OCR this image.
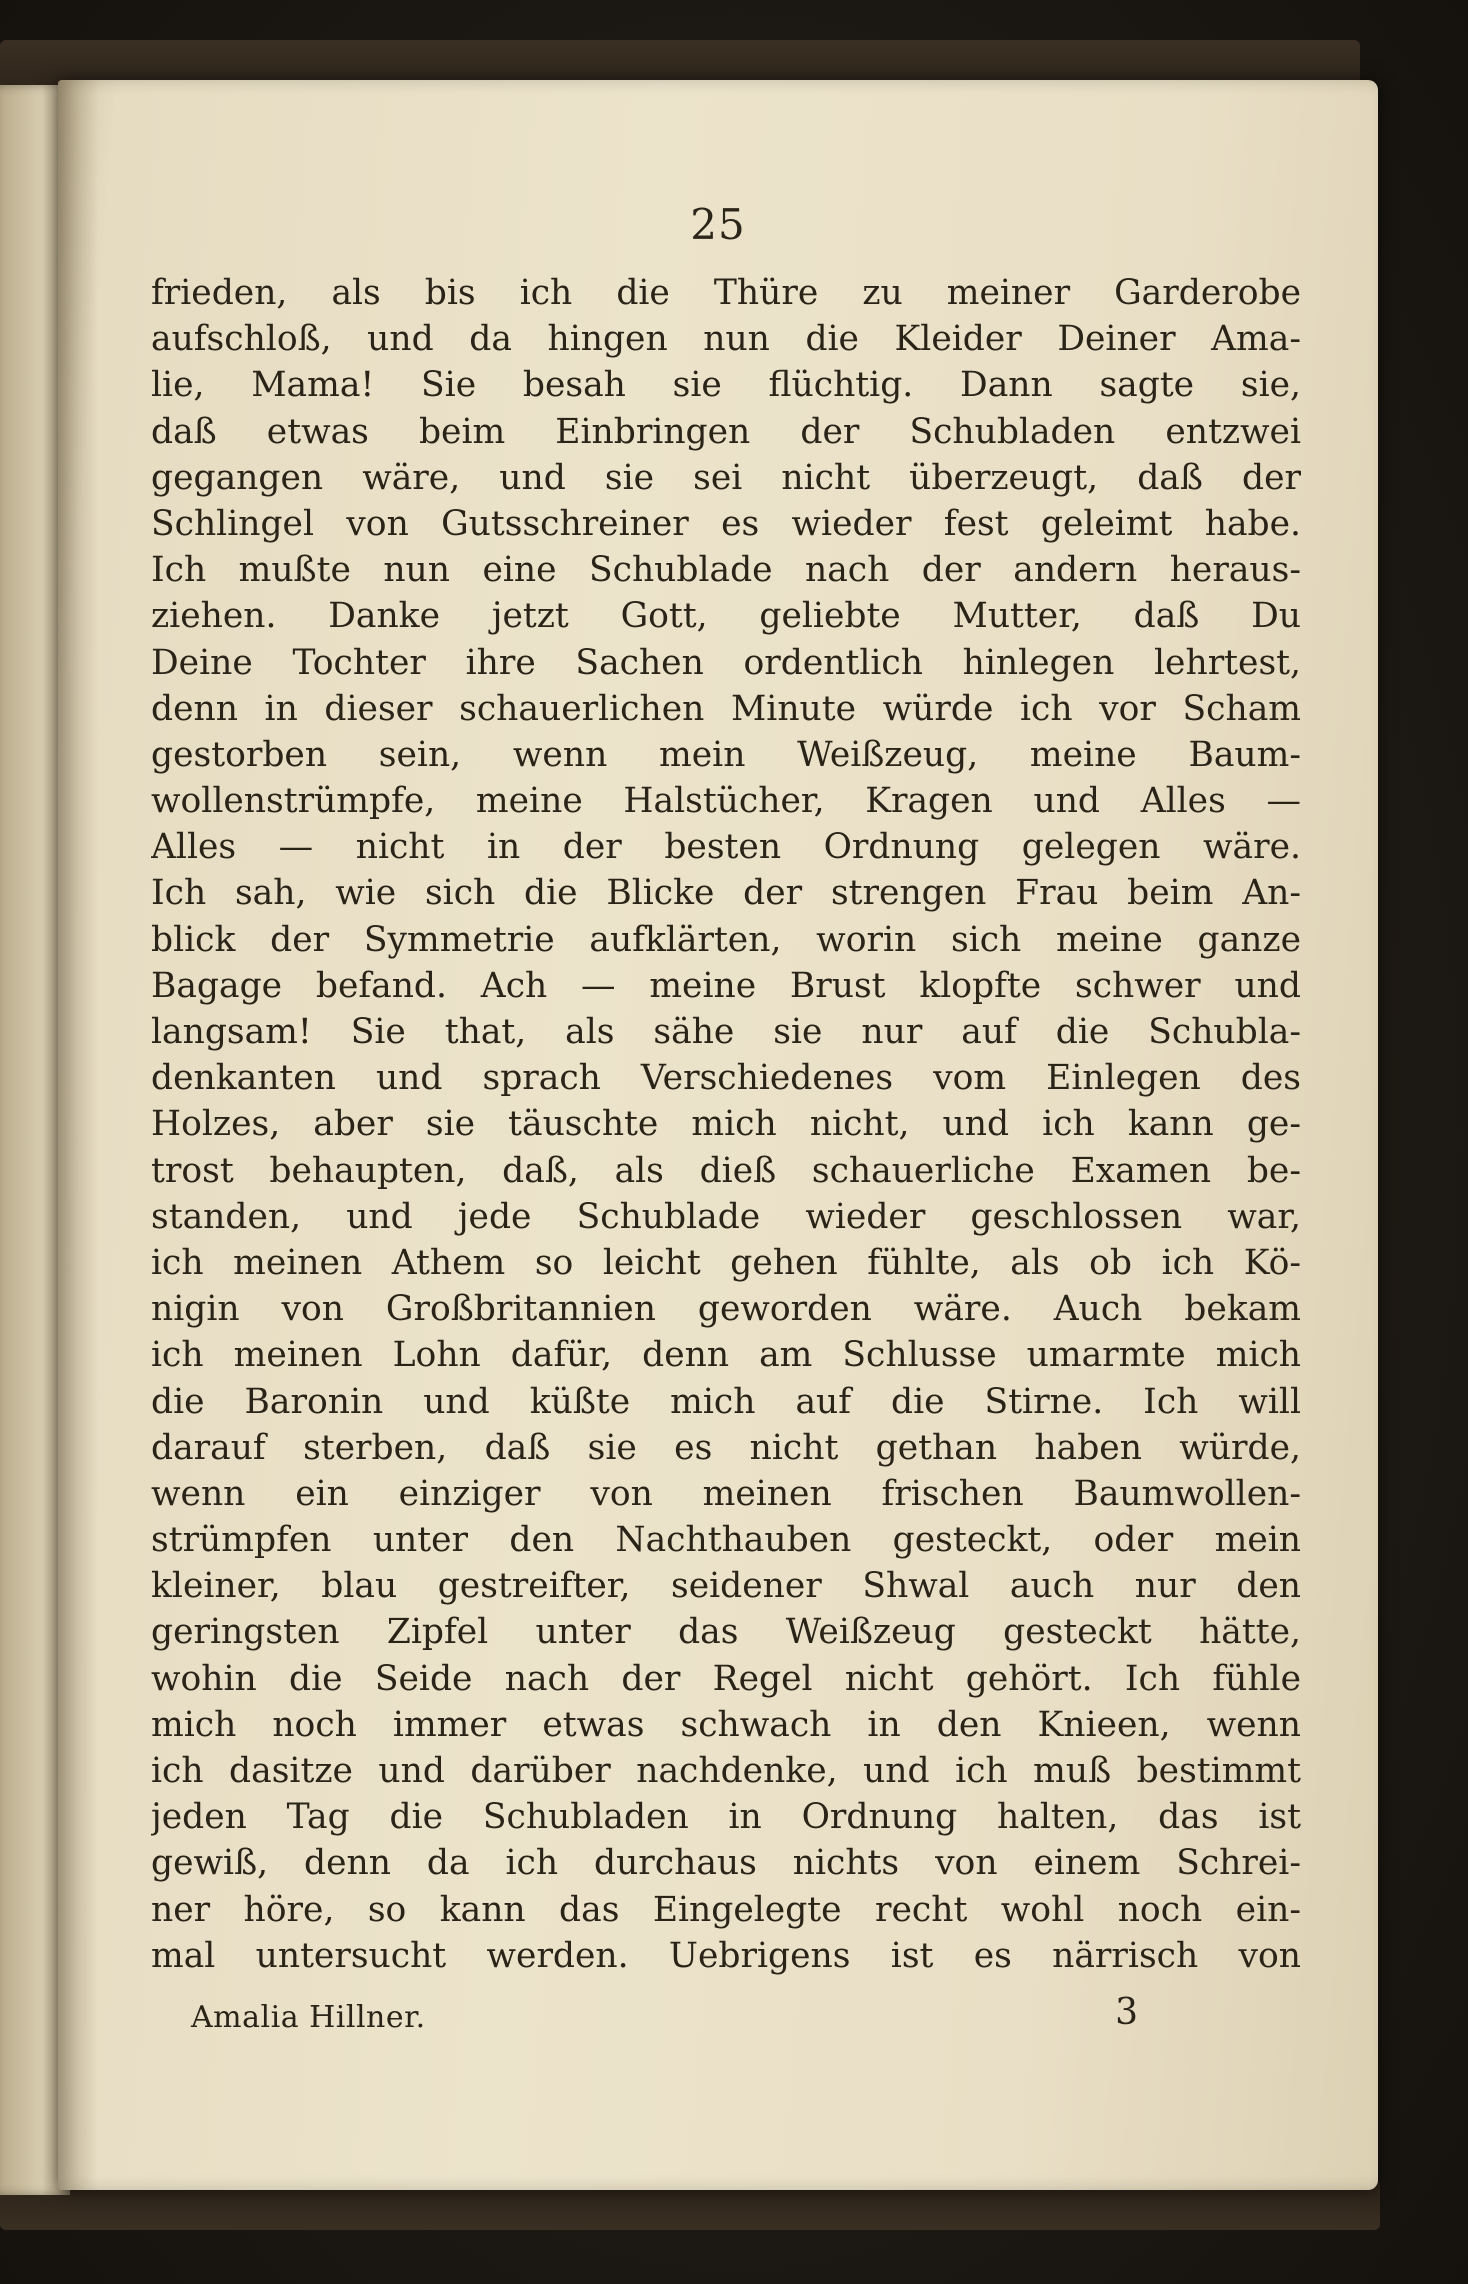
25
frieden, als bis ich die Thüre zu meiner Garderobe
aufschloß, und da hingen nun die Kleider Deiner Ama-
lie, Mama! Sie besah sie flüchtig. Dann sagte sie,
daß etwas beim Einbringen der Schubladen entzwei
gegangen wäre, und sie sei nicht überzeugt, daß der
Schlingel von Gutsschreiner es wieder fest geleimt habe.
Ich mußte nun eine Schublade nach der andern heraus-
ziehen. Danke jetzt Gott, geliebte Mutter, daß Du
Deine Tochter ihre Sachen ordentlich hinlegen lehrtest,
denn in dieser schauerlichen Minute würde ich vor Scham
gestorben sein, wenn mein Weißzeug, meine Baum-
wollenstrümpfe, meine Halstücher, Kragen und Alles —
Alles — nicht in der besten Ordnung gelegen wäre.
Ich sah, wie sich die Blicke der strengen Frau beim An-
blick der Symmetrie aufklärten, worin sich meine ganze
Bagage befand. Ach — meine Brust klopfte schwer und
langsam! Sie that, als sähe sie nur auf die Schubla-
denkanten und sprach Verschiedenes vom Einlegen des
Holzes, aber sie täuschte mich nicht, und ich kann ge-
trost behaupten, daß, als dieß schauerliche Examen be-
standen, und jede Schublade wieder geschlossen war,
ich meinen Athem so leicht gehen fühlte, als ob ich Kö-
nigin von Großbritannien geworden wäre. Auch bekam
ich meinen Lohn dafür, denn am Schlusse umarmte mich
die Baronin und küßte mich auf die Stirne. Ich will
darauf sterben, daß sie es nicht gethan haben würde,
wenn ein einziger von meinen frischen Baumwollen-
strümpfen unter den Nachthauben gesteckt, oder mein
kleiner, blau gestreifter, seidener Shwal auch nur den
geringsten Zipfel unter das Weißzeug gesteckt hätte,
wohin die Seide nach der Regel nicht gehört. Ich fühle
mich noch immer etwas schwach in den Knieen, wenn
ich dasitze und darüber nachdenke, und ich muß bestimmt
jeden Tag die Schubladen in Ordnung halten, das ist
gewiß, denn da ich durchaus nichts von einem Schrei-
ner höre, so kann das Eingelegte recht wohl noch ein-
mal untersucht werden. Uebrigens ist es närrisch von
Amalia Hillner.	3
